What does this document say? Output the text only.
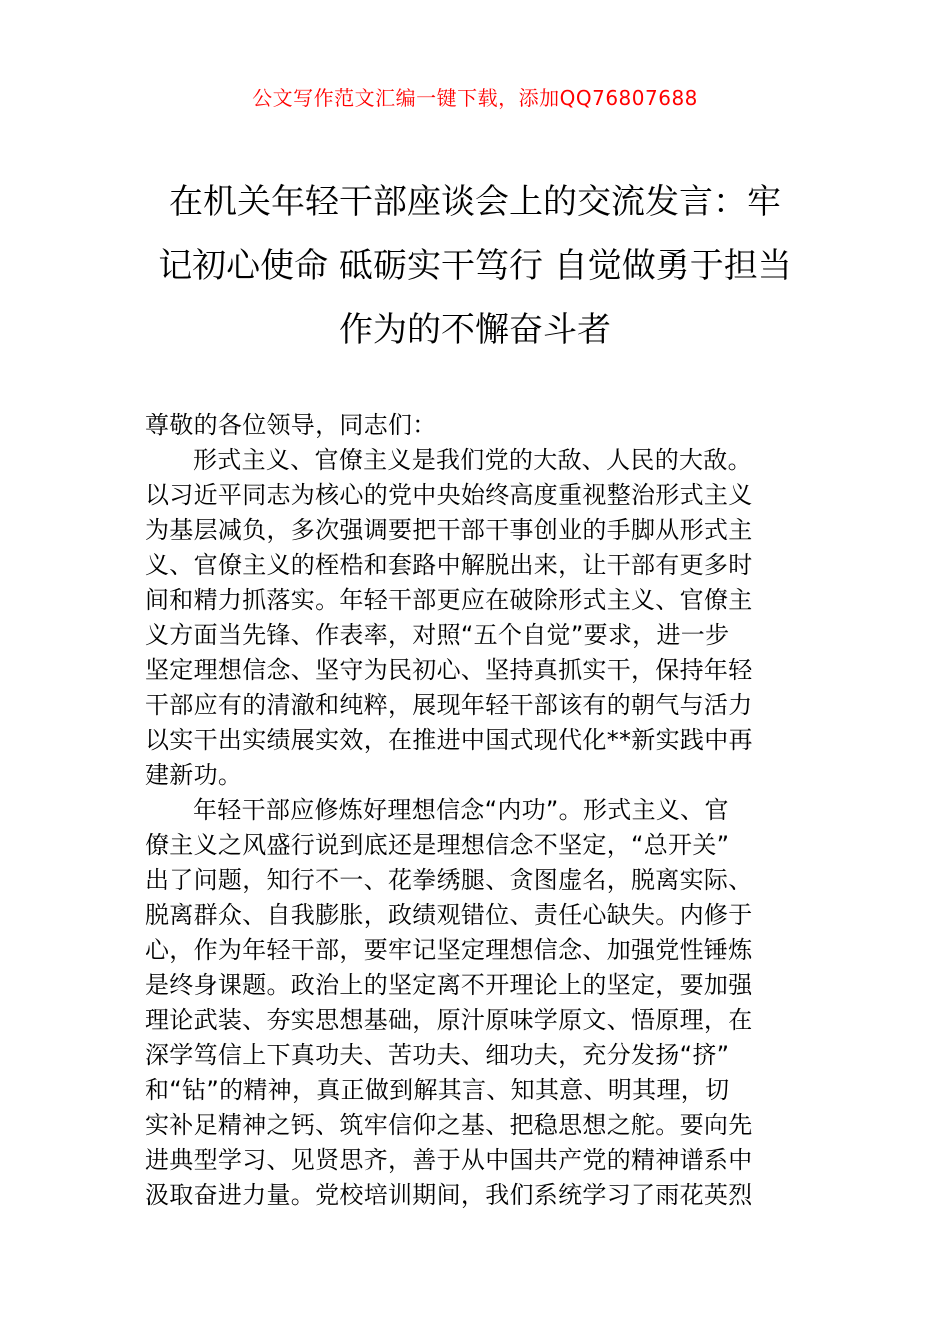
公文写作范文汇编一键下载，添加QQ76807688
在机关年轻干部座谈会上的交流发言：牢
记初心使命 砥砺实干笃行 自觉做勇于担当
作为的不懈奋斗者
尊敬的各位领导，同志们：
形式主义、官僚主义是我们党的大敌、人民的大敌。
以习近平同志为核心的党中央始终高度重视整治形式主义
为基层减负，多次强调要把干部干事创业的手脚从形式主
义、官僚主义的桎梏和套路中解脱出来，让干部有更多时
间和精力抓落实。年轻干部更应在破除形式主义、官僚主
义方面当先锋、作表率，对照“五个自觉”要求，进一步
坚定理想信念、坚守为民初心、坚持真抓实干，保持年轻
干部应有的清澈和纯粹，展现年轻干部该有的朝气与活力
以实干出实绩展实效，在推进中国式现代化**新实践中再
建新功。
年轻干部应修炼好理想信念“内功”。形式主义、官
僚主义之风盛行说到底还是理想信念不坚定，“总开关”
出了问题，知行不一、花拳绣腿、贪图虚名，脱离实际、
脱离群众、自我膨胀，政绩观错位、责任心缺失。内修于
心，作为年轻干部，要牢记坚定理想信念、加强党性锤炼
是终身课题。政治上的坚定离不开理论上的坚定，要加强
理论武装、夯实思想基础，原汁原味学原文、悟原理，在
深学笃信上下真功夫、苦功夫、细功夫，充分发扬“挤”
和“钻”的精神，真正做到解其言、知其意、明其理，切
实补足精神之钙、筑牢信仰之基、把稳思想之舵。要向先
进典型学习、见贤思齐，善于从中国共产党的精神谱系中
汲取奋进力量。党校培训期间，我们系统学习了雨花英烈
